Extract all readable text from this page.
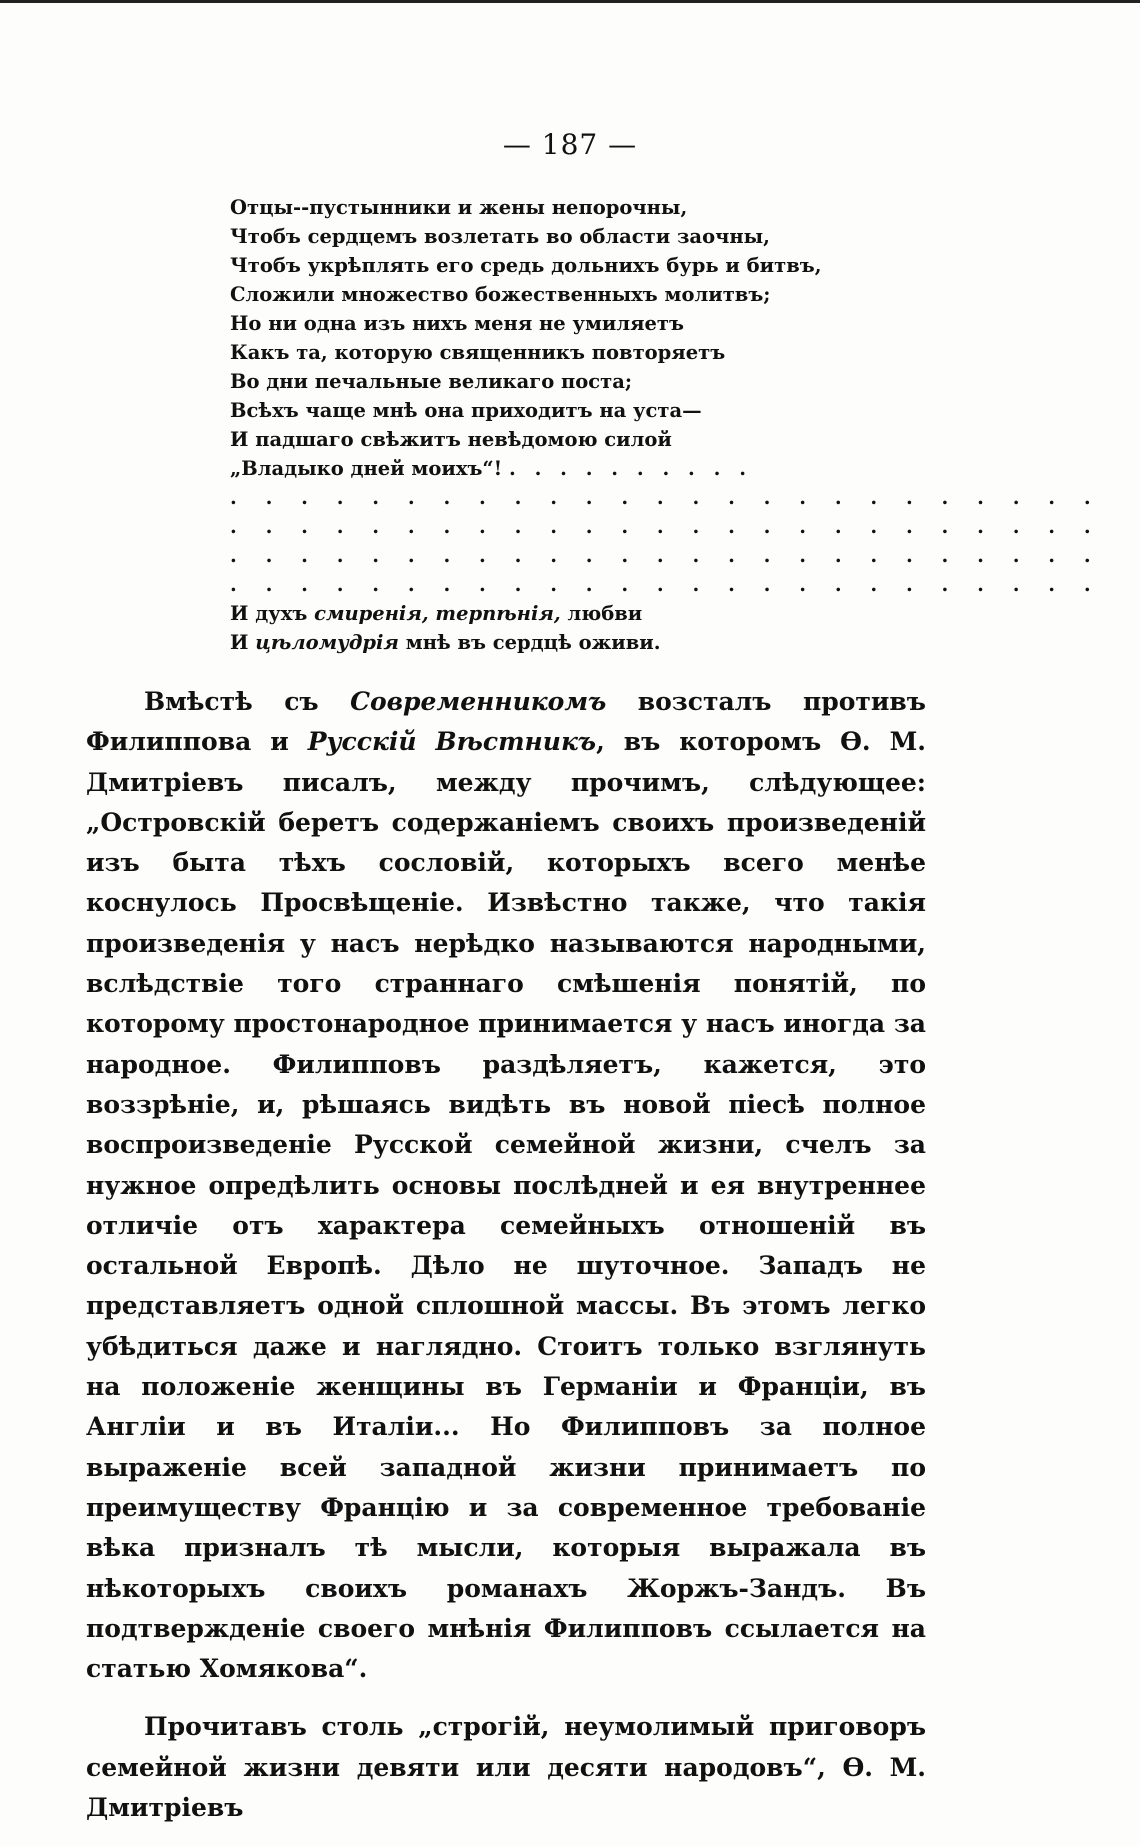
— 187 —
Отцы--пустынники и жены непорочны,
Чтобъ сердцемъ возлетать во области заочны,
Чтобъ укрѣплять его средь дольнихъ бурь и битвъ,
Сложили множество божественныхъ молитвъ;
Но ни одна изъ нихъ меня не умиляетъ
Какъ та, которую священникъ повторяетъ
Во дни печальные великаго поста;
Всѣхъ чаще мнѣ она приходитъ на уста—
И падшаго свѣжитъ невѣдомою силой
„Владыко дней моихъ“! . . . . . . . . . .
. . . . . . . . . . . . . . . . . . . . . . . . .
. . . . . . . . . . . . . . . . . . . . . . . . .
. . . . . . . . . . . . . . . . . . . . . . . . .
. . . . . . . . . . . . . . . . . . . . . . . . .
И духъ смиренія, терпѣнія, любви
И цѣломудрія мнѣ въ сердцѣ оживи.

Вмѣстѣ съ Современникомъ возсталъ противъ Филиппова и Русскій Вѣстникъ, въ которомъ Ѳ. М. Дмитріевъ писалъ, между прочимъ, слѣдующее: „Островскій беретъ содержаніемъ своихъ произведеній изъ быта тѣхъ сословій, которыхъ всего менѣе коснулось Просвѣщеніе. Извѣстно также, что такія произведенія у насъ нерѣдко называются народными, вслѣдствіе того страннаго смѣшенія понятій, по которому простонародное принимается у насъ иногда за народное. Филипповъ раздѣляетъ, кажется, это воззрѣніе, и, рѣшаясь видѣть въ новой піесѣ полное воспроизведеніе Русской семейной жизни, счелъ за нужное опредѣлить основы послѣдней и ея внутреннее отличіе отъ характера семейныхъ отношеній въ остальной Европѣ. Дѣло не шуточное. Западъ не представляетъ одной сплошной массы. Въ этомъ легко убѣдиться даже и наглядно. Стоитъ только взглянуть на положеніе женщины въ Германіи и Франціи, въ Англіи и въ Италіи... Но Филипповъ за полное выраженіе всей западной жизни принимаетъ по преимуществу Францію и за современное требованіе вѣка призналъ тѣ мысли, которыя выражала въ нѣкоторыхъ своихъ романахъ Жоржъ-Зандъ. Въ подтвержденіе своего мнѣнія Филипповъ ссылается на статью Хомякова“.

Прочитавъ столь „строгій, неумолимый приговоръ семейной жизни девяти или десяти народовъ“, Ѳ. М. Дмитріевъ
